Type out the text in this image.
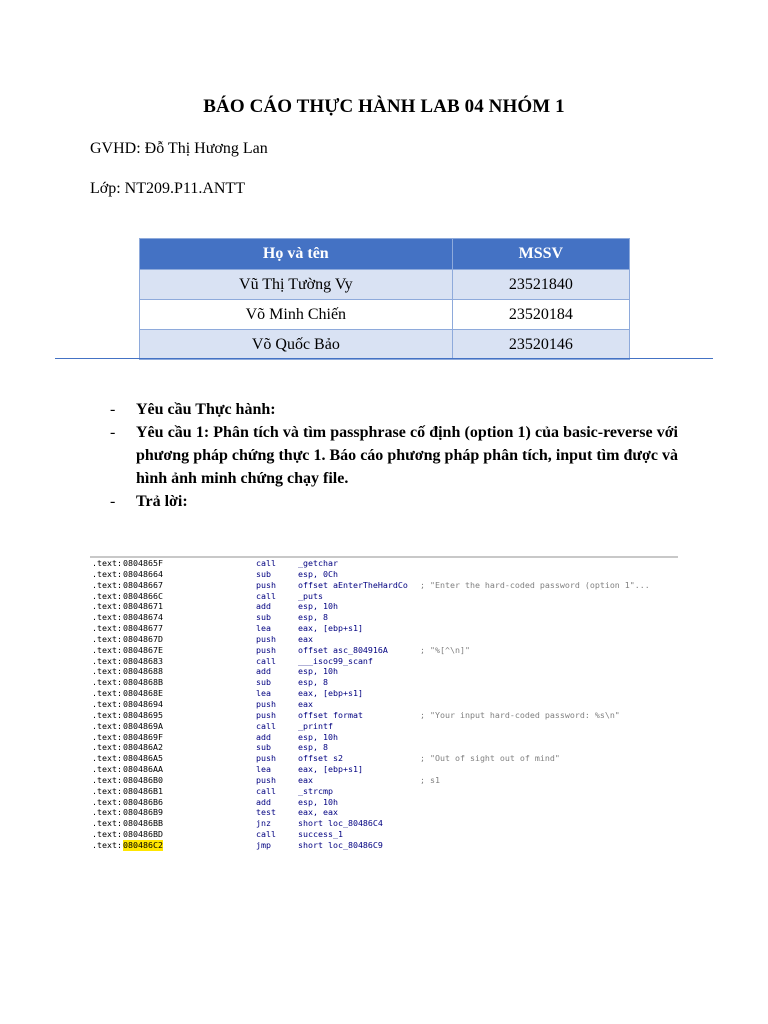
BÁO CÁO THỰC HÀNH LAB 04 NHÓM 1
GVHD: Đỗ Thị Hương Lan
Lớp: NT209.P11.ANTT
Họ và tên	MSSV
Vũ Thị Tường Vy	23521840
Võ Minh Chiến	23520184
Võ Quốc Bảo	23520146
- Yêu cầu Thực hành:
- Yêu cầu 1: Phân tích và tìm passphrase cố định (option 1) của basic-reverse với phương pháp chứng thực 1. Báo cáo phương pháp phân tích, input tìm được và hình ảnh minh chứng chạy file.
- Trả lời:
.text: 0804865F	call	_getchar
.text: 08048664	sub	esp, 0Ch
.text: 08048667	push	offset aEnterTheHardCo ; "Enter the hard-coded password (option 1"...
.text: 0804866C	call	_puts
.text: 08048671	add	esp, 10h
.text: 08048674	sub	esp, 8
.text: 08048677	lea	eax, [ebp+s1]
.text: 0804867D	push	eax
.text: 0804867E	push	offset asc_804916A	; "%[^\n]"
.text: 08048683	call	___isoc99_scanf
.text: 08048688	add	esp, 10h
.text: 0804868B	sub	esp, 8
.text: 0804868E	lea	eax, [ebp+s1]
.text: 08048694	push	eax
.text: 08048695	push	offset format	; "Your input hard-coded password: %s\n"
.text: 0804869A	call	_printf
.text: 0804869F	add	esp, 10h
.text: 080486A2	sub	esp, 8
.text: 080486A5	push	offset s2	; "Out of sight out of mind"
.text: 080486AA	lea	eax, [ebp+s1]
.text: 080486B0	push	eax	; s1
.text: 080486B1	call	_strcmp
.text: 080486B6	add	esp, 10h
.text: 080486B9	test	eax, eax
.text: 080486BB	jnz	short loc_80486C4
.text: 080486BD	call	success_1
.text: 080486C2	jmp	short loc_80486C9
